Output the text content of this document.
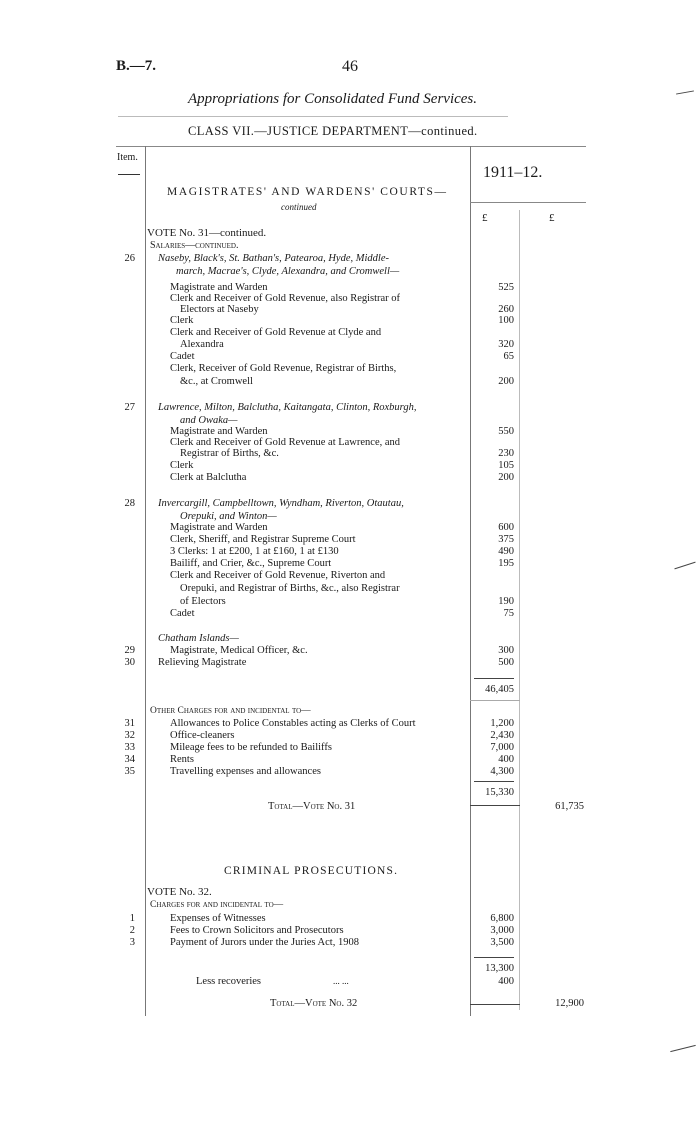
B.—7.	46
Appropriations for Consolidated Fund Services.
CLASS VII.—JUSTICE DEPARTMENT—continued.
Item.
1911–12.
£	£
MAGISTRATES' AND WARDENS' COURTS—
continued
VOTE No. 31—continued.
Salaries—continued.
26 Naseby, Black's, St. Bathan's, Patearoa, Hyde, Middle-
march, Macrae's, Clyde, Alexandra, and Cromwell—
Magistrate and Warden	525
Clerk and Receiver of Gold Revenue, also Registrar of
Electors at Naseby	260
Clerk	100
Clerk and Receiver of Gold Revenue at Clyde and
Alexandra	320
Cadet	65
Clerk, Receiver of Gold Revenue, Registrar of Births,
&c., at Cromwell	200
27 Lawrence, Milton, Balclutha, Kaitangata, Clinton, Roxburgh,
and Owaka—
Magistrate and Warden	550
Clerk and Receiver of Gold Revenue at Lawrence, and
Registrar of Births, &c.	230
Clerk	105
Clerk at Balclutha	200
28 Invercargill, Campbelltown, Wyndham, Riverton, Otautau,
Orepuki, and Winton—
Magistrate and Warden	600
Clerk, Sheriff, and Registrar Supreme Court	375
3 Clerks: 1 at £200, 1 at £160, 1 at £130	490
Bailiff, and Crier, &c., Supreme Court	195
Clerk and Receiver of Gold Revenue, Riverton and
Orepuki, and Registrar of Births, &c., also Registrar
of Electors	190
Cadet	75
Chatham Islands—
29	Magistrate, Medical Officer, &c.	300
30 Relieving Magistrate	500
46,405
Other Charges for and incidental to—
31	Allowances to Police Constables acting as Clerks of Court	1,200
32	Office-cleaners	2,430
33	Mileage fees to be refunded to Bailiffs	7,000
34	Rents	400
35	Travelling expenses and allowances	4,300
15,330
Total—Vote No. 31	61,735
CRIMINAL PROSECUTIONS.
VOTE No. 32.
Charges for and incidental to—
1	Expenses of Witnesses	6,800
2	Fees to Crown Solicitors and Prosecutors	3,000
3	Payment of Jurors under the Juries Act, 1908	3,500
13,300
Less recoveries	... ...	400
Total—Vote No. 32	12,900
